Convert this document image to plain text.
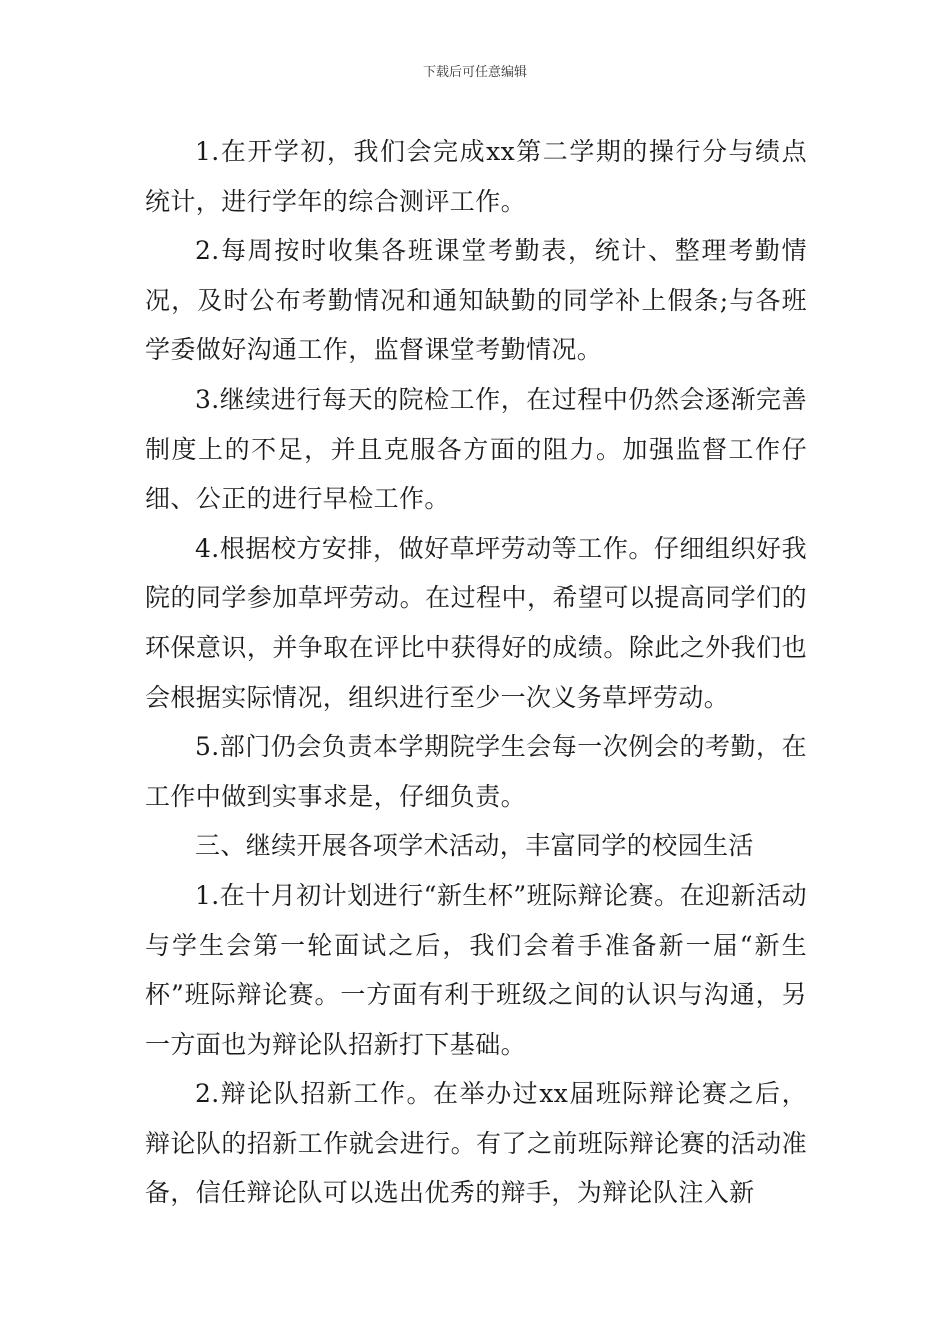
下载后可任意编辑

1.在开学初，我们会完成xx第二学期的操行分与绩点统计，进行学年的综合测评工作。

2.每周按时收集各班课堂考勤表，统计、整理考勤情况，及时公布考勤情况和通知缺勤的同学补上假条;与各班学委做好沟通工作，监督课堂考勤情况。

3.继续进行每天的院检工作，在过程中仍然会逐渐完善制度上的不足，并且克服各方面的阻力。加强监督工作仔细、公正的进行早检工作。

4.根据校方安排，做好草坪劳动等工作。仔细组织好我院的同学参加草坪劳动。在过程中，希望可以提高同学们的环保意识，并争取在评比中获得好的成绩。除此之外我们也会根据实际情况，组织进行至少一次义务草坪劳动。

5.部门仍会负责本学期院学生会每一次例会的考勤，在工作中做到实事求是，仔细负责。

三、继续开展各项学术活动，丰富同学的校园生活

1.在十月初计划进行“新生杯”班际辩论赛。在迎新活动与学生会第一轮面试之后，我们会着手准备新一届“新生杯”班际辩论赛。一方面有利于班级之间的认识与沟通，另一方面也为辩论队招新打下基础。

2.辩论队招新工作。在举办过xx届班际辩论赛之后，辩论队的招新工作就会进行。有了之前班际辩论赛的活动准备，信任辩论队可以选出优秀的辩手，为辩论队注入新
